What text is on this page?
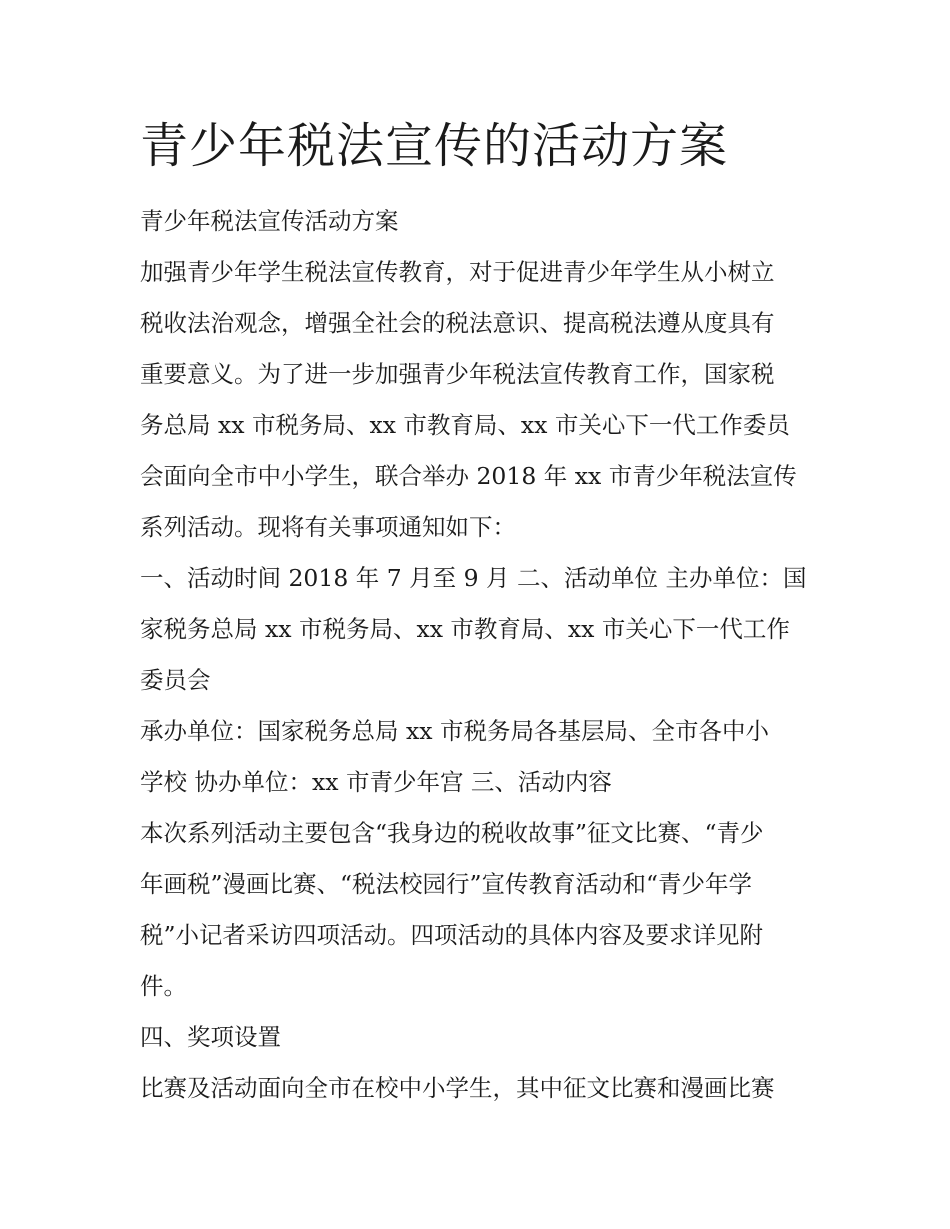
青少年税法宣传的活动方案

青少年税法宣传活动方案

加强青少年学生税法宣传教育，对于促进青少年学生从小树立

税收法治观念，增强全社会的税法意识、提高税法遵从度具有

重要意义。为了进一步加强青少年税法宣传教育工作，国家税

务总局 xx 市税务局、xx 市教育局、xx 市关心下一代工作委员

会面向全市中小学生，联合举办 2018 年 xx 市青少年税法宣传

系列活动。现将有关事项通知如下：

一、活动时间 2018 年 7 月至 9 月 二、活动单位 主办单位：国

家税务总局 xx 市税务局、xx 市教育局、xx 市关心下一代工作

委员会

承办单位：国家税务总局 xx 市税务局各基层局、全市各中小

学校 协办单位：xx 市青少年宫 三、活动内容

本次系列活动主要包含“我身边的税收故事”征文比赛、“青少

年画税”漫画比赛、“税法校园行”宣传教育活动和“青少年学

税”小记者采访四项活动。四项活动的具体内容及要求详见附

件。

四、奖项设置

比赛及活动面向全市在校中小学生，其中征文比赛和漫画比赛
